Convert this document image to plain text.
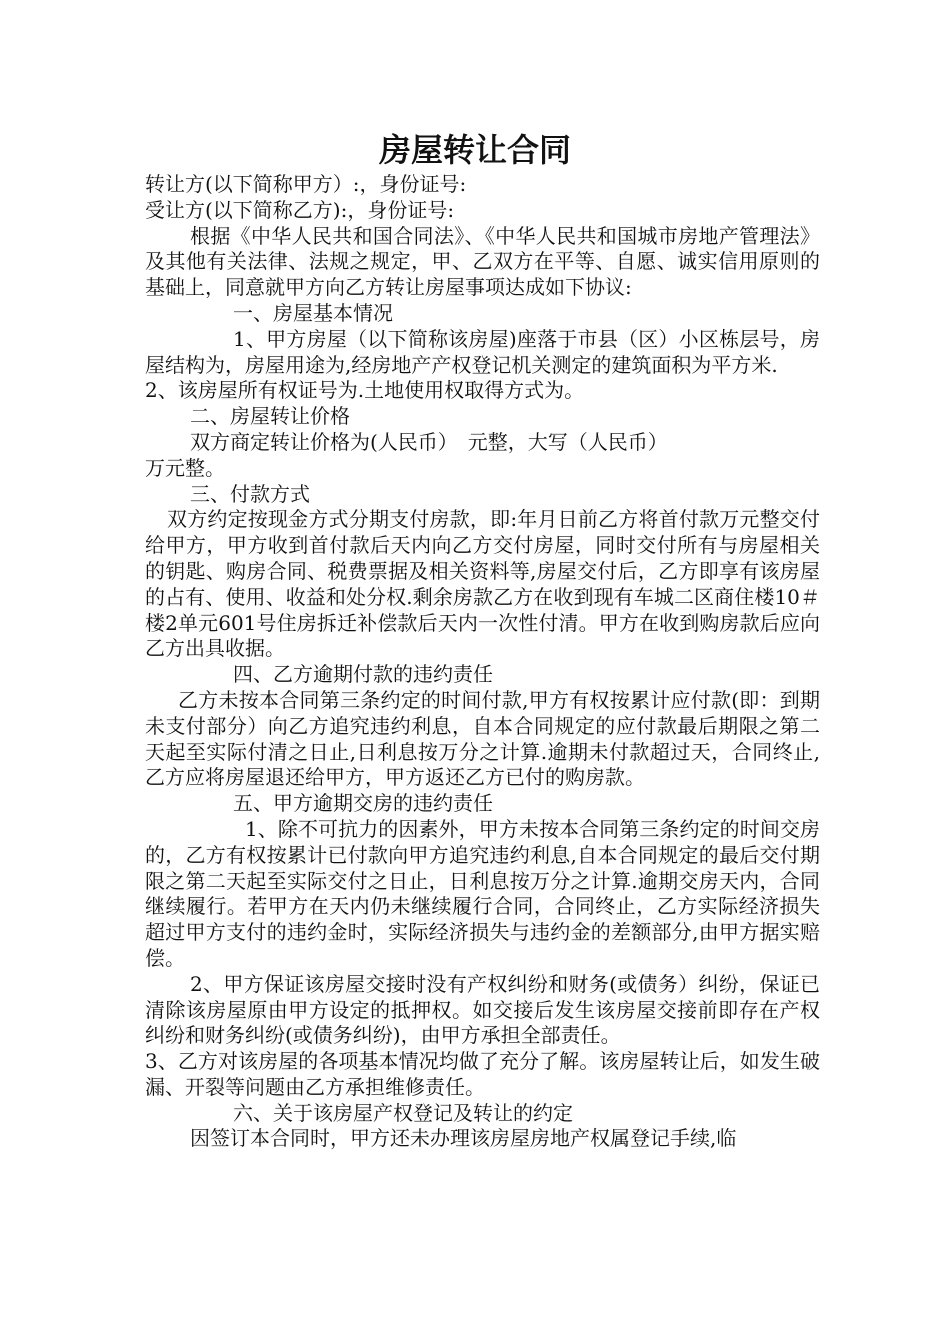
房屋转让合同

转让方(以下简称甲方）:，身份证号:

受让方(以下简称乙方):，身份证号:

根据《中华人民共和国合同法》、《中华人民共和国城市房地产管理法》及其他有关法律、法规之规定，甲、乙双方在平等、自愿、诚实信用原则的基础上，同意就甲方向乙方转让房屋事项达成如下协议:

一、房屋基本情况

1、甲方房屋（以下简称该房屋)座落于市县（区）小区栋层号，房屋结构为，房屋用途为,经房地产产权登记机关测定的建筑面积为平方米.

2、该房屋所有权证号为.土地使用权取得方式为。

二、房屋转让价格

双方商定转让价格为(人民币）　元整，大写（人民币）

万元整。

三、付款方式

双方约定按现金方式分期支付房款，即:年月日前乙方将首付款万元整交付给甲方，甲方收到首付款后天内向乙方交付房屋，同时交付所有与房屋相关的钥匙、购房合同、税费票据及相关资料等,房屋交付后，乙方即享有该房屋的占有、使用、收益和处分权.剩余房款乙方在收到现有车城二区商住楼10＃楼2单元601号住房拆迁补偿款后天内一次性付清。甲方在收到购房款后应向乙方出具收据。

四、乙方逾期付款的违约责任

乙方未按本合同第三条约定的时间付款,甲方有权按累计应付款(即：到期未支付部分）向乙方追究违约利息，自本合同规定的应付款最后期限之第二天起至实际付清之日止,日利息按万分之计算.逾期未付款超过天，合同终止,乙方应将房屋退还给甲方，甲方返还乙方已付的购房款。

五、甲方逾期交房的违约责任

1、除不可抗力的因素外，甲方未按本合同第三条约定的时间交房的，乙方有权按累计已付款向甲方追究违约利息,自本合同规定的最后交付期限之第二天起至实际交付之日止，日利息按万分之计算.逾期交房天内，合同继续履行。若甲方在天内仍未继续履行合同，合同终止，乙方实际经济损失超过甲方支付的违约金时，实际经济损失与违约金的差额部分,由甲方据实赔偿。

2、甲方保证该房屋交接时没有产权纠纷和财务(或债务）纠纷，保证已清除该房屋原由甲方设定的抵押权。如交接后发生该房屋交接前即存在产权纠纷和财务纠纷(或债务纠纷)，由甲方承担全部责任。

3、乙方对该房屋的各项基本情况均做了充分了解。该房屋转让后，如发生破漏、开裂等问题由乙方承担维修责任。

六、关于该房屋产权登记及转让的约定

因签订本合同时，甲方还未办理该房屋房地产权属登记手续,临
